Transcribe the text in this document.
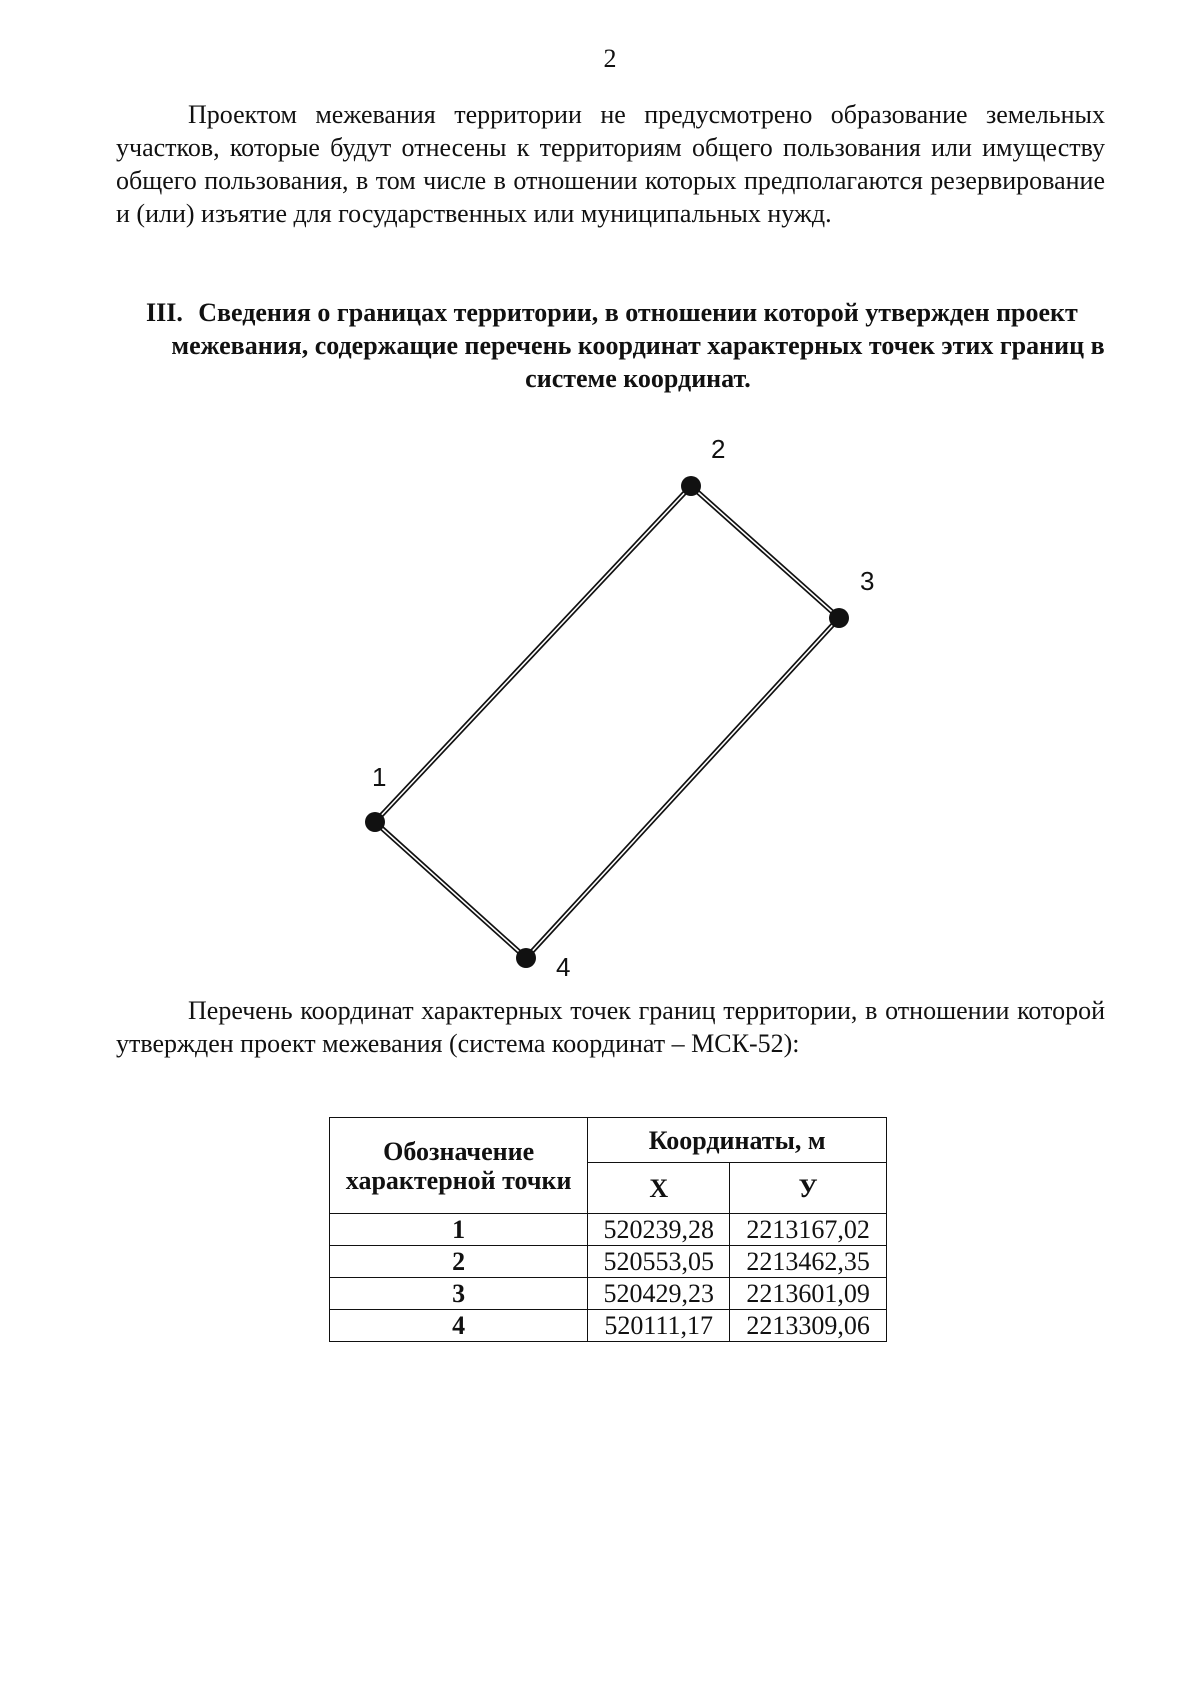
2

Проектом межевания территории не предусмотрено образование земельных участков, которые будут отнесены к территориям общего пользования или имуществу общего пользования, в том числе в отношении которых предполагаются резервирование и (или) изъятие для государственных или муниципальных нужд.

III. Сведения о границах территории, в отношении которой утвержден проект межевания, содержащие перечень координат характерных точек этих границ в системе координат.
1
2
3
4

Перечень координат характерных точек границ территории, в отношении которой утвержден проект межевания (система координат – МСК-52):

Обозначение характерной точки	Координаты, м	
	X	У
1	520239,28	2213167,02
2	520553,05	2213462,35
3	520429,23	2213601,09
4	520111,17	2213309,06
